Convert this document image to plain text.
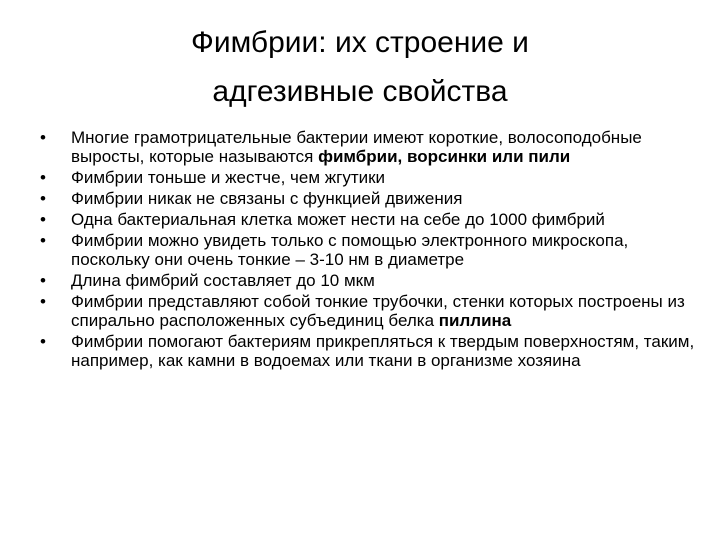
Фимбрии: их строение и
адгезивные свойства
•	Многие грамотрицательные бактерии имеют короткие, волосоподобные выросты, которые называются фимбрии, ворсинки или пили
•	Фимбрии тоньше и жестче, чем жгутики
•	Фимбрии никак не связаны с функцией движения
•	Одна бактериальная клетка может нести на себе до 1000 фимбрий
•	Фимбрии можно увидеть только с помощью электронного микроскопа, поскольку они очень тонкие – 3-10 нм в диаметре
•	Длина фимбрий составляет до 10 мкм
•	Фимбрии представляют собой тонкие трубочки, стенки которых построены из спирально расположенных субъединиц белка пиллина
•	Фимбрии помогают бактериям прикрепляться к твердым поверхностям, таким, например, как камни в водоемах или ткани в организме хозяина
